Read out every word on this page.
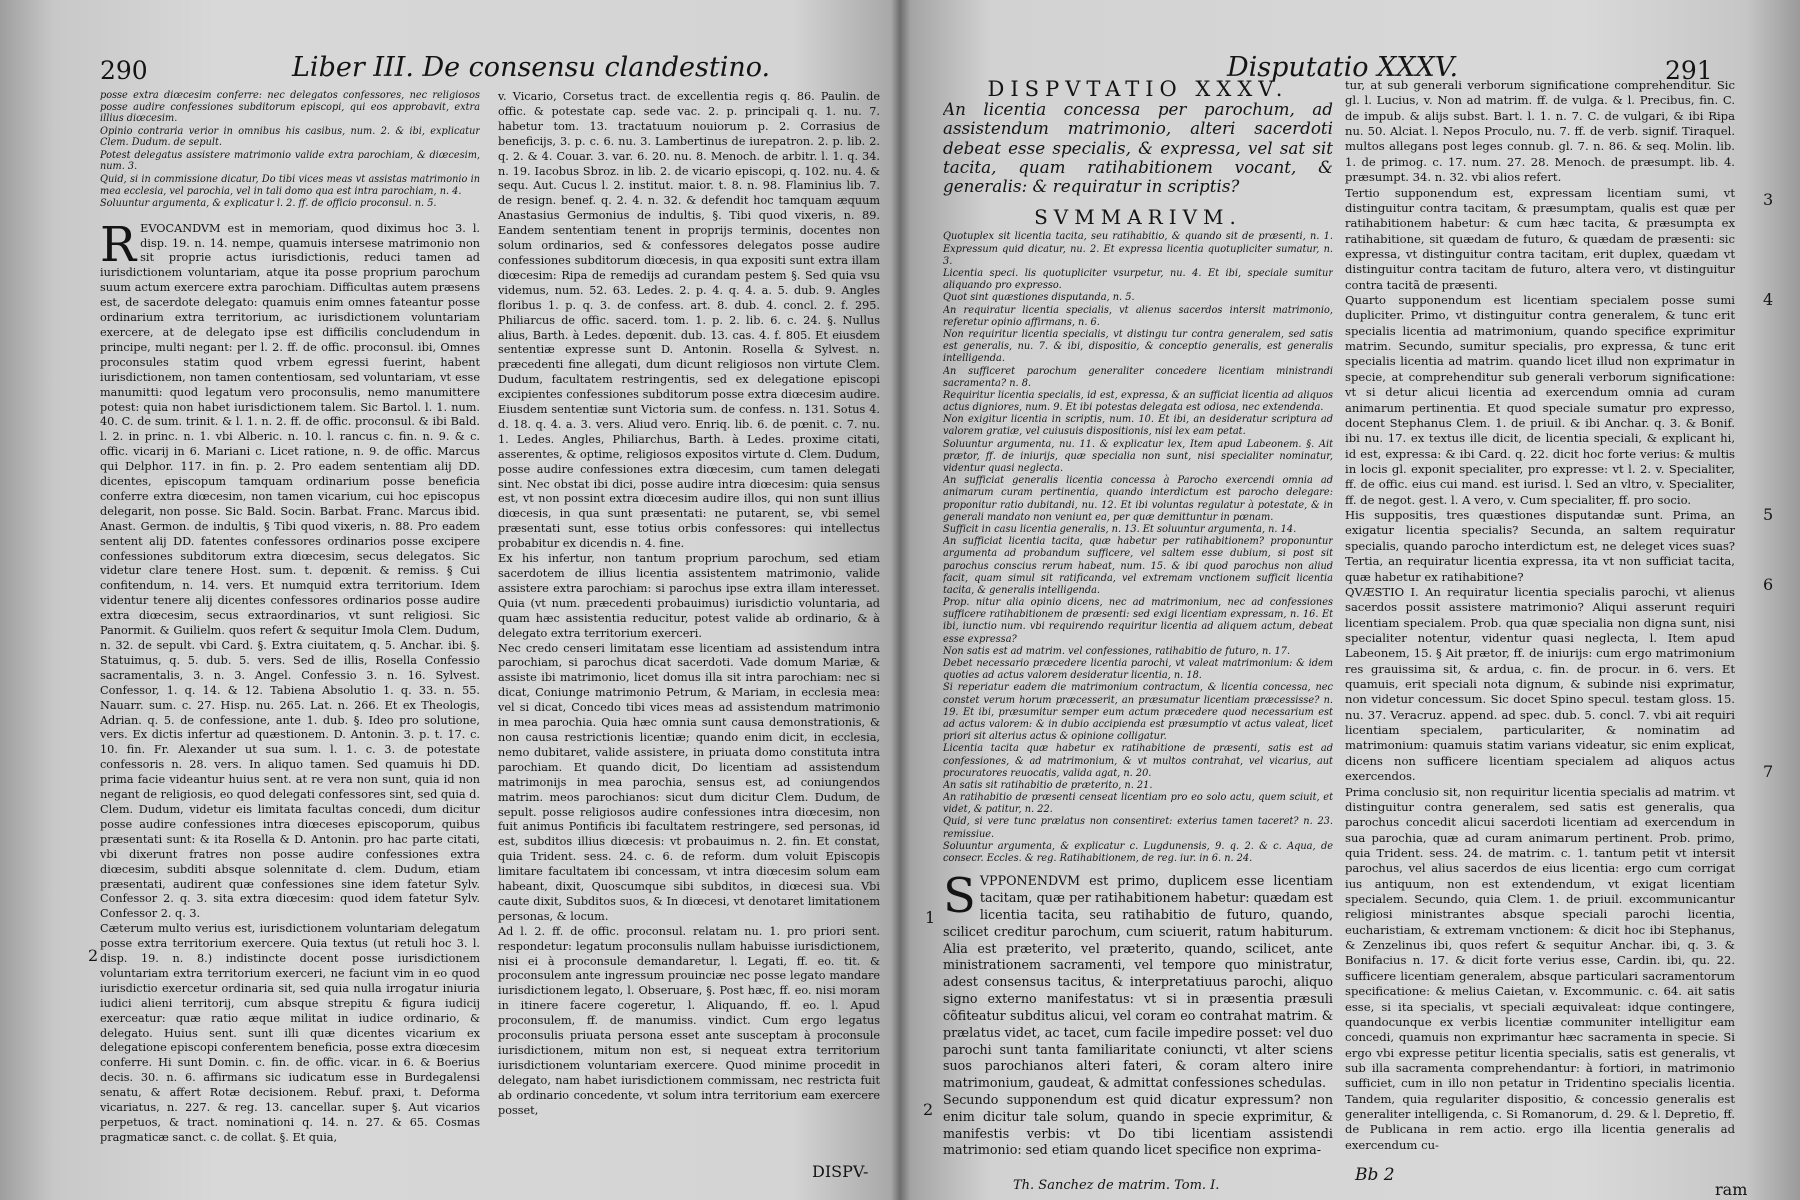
290	Liber III. De consensu clandestino.

posse extra diœcesim conferre: nec delegatos confessores, nec religiosos posse audire confessiones subditorum episcopi, qui eos approbavit, extra illius diœcesim.

Opinio contraria verior in omnibus his casibus, num. 2. & ibi, explicatur Clem. Dudum. de sepult.

Potest delegatus assistere matrimonio valide extra parochiam, & diœcesim, num. 3.

Quid, si in commissione dicatur, Do tibi vices meas vt assistas matrimonio in mea ecclesia, vel parochia, vel in tali domo qua est intra parochiam, n. 4.

Soluuntur argumenta, & explicatur l. 2. ff. de officio proconsul. n. 5.

REVOCANDVM est in memoriam, quod diximus hoc 3. l. disp. 19. n. 14. nempe, quamuis intersese matrimonio non sit proprie actus iurisdictionis, reduci tamen ad iurisdictionem voluntariam, atque ita posse proprium parochum suum actum exercere extra parochiam. Difficultas autem præsens est, de sacerdote delegato: quamuis enim omnes fateantur posse ordinarium extra territorium, ac iurisdictionem voluntariam exercere, at de delegato ipse est difficilis concludendum in principe, multi negant: per l. 2. ff. de offic. proconsul. ibi, Omnes proconsules statim quod vrbem egressi fuerint, habent iurisdictionem, non tamen contentiosam, sed voluntariam, vt esse manumitti: quod legatum vero proconsulis, nemo manumittere potest: quia non habet iurisdictionem talem. Sic Bartol. l. 1. num. 40. C. de sum. trinit. & l. 1. n. 2. ff. de offic. proconsul. & ibi Bald. l. 2. in princ. n. 1. vbi Alberic. n. 10. l. rancus c. fin. n. 9. & c. offic. vicarij in 6. Mariani c. Licet ratione, n. 9. de offic. Marcus qui Delphor. 117. in fin. p. 2. Pro eadem sententiam alij DD. dicentes, episcopum tamquam ordinarium posse beneficia conferre extra diœcesim, non tamen vicarium, cui hoc episcopus delegarit, non posse. Sic Bald. Socin. Barbat. Franc. Marcus ibid. Anast. Germon. de indultis, § Tibi quod vixeris, n. 88. Pro eadem sentent alij DD. fatentes confessores ordinarios posse excipere confessiones subditorum extra diœcesim, secus delegatos. Sic videtur clare tenere Host. sum. t. depœnit. & remiss. § Cui confitendum, n. 14. vers. Et numquid extra territorium. Idem videntur tenere alij dicentes confessores ordinarios posse audire extra diœcesim, secus extraordinarios, vt sunt religiosi. Sic Panormit. & Guilielm. quos refert & sequitur Imola Clem. Dudum, n. 32. de sepult. vbi Card. §. Extra ciuitatem, q. 5. Anchar. ibi. §. Statuimus, q. 5. dub. 5. vers. Sed de illis, Rosella Confessio sacramentalis, 3. n. 3. Angel. Confessio 3. n. 16. Sylvest. Confessor, 1. q. 14. & 12. Tabiena Absolutio 1. q. 33. n. 55. Nauarr. sum. c. 27. Hisp. nu. 265. Lat. n. 266. Et ex Theologis, Adrian. q. 5. de confessione, ante 1. dub. §. Ideo pro solutione, vers. Ex dictis infertur ad quæstionem. D. Antonin. 3. p. t. 17. c. 10. fin. Fr. Alexander ut sua sum. l. 1. c. 3. de potestate confessoris n. 28. vers. In aliquo tamen. Sed quamuis hi DD. prima facie videantur huius sent. at re vera non sunt, quia id non negant de religiosis, eo quod delegati confessores sint, sed quia d. Clem. Dudum, videtur eis limitata facultas concedi, dum dicitur posse audire confessiones intra diœceses episcoporum, quibus præsentati sunt: & ita Rosella & D. Antonin. pro hac parte citati, vbi dixerunt fratres non posse audire confessiones extra diœcesim, subditi absque solennitate d. clem. Dudum, etiam præsentati, audirent quæ confessiones sine idem fatetur Sylv. Confessor 2. q. 3. sita extra diœcesim: quod idem fatetur Sylv. Confessor 2. q. 3.

Cæterum multo verius est, iurisdictionem voluntariam delegatum posse extra territorium exercere. Quia textus (ut retuli hoc 3. l. disp. 19. n. 8.) indistincte docent posse iurisdictionem voluntariam extra territorium exerceri, ne faciunt vim in eo quod iurisdictio exercetur ordinaria sit, sed quia nulla irrogatur iniuria iudici alieni territorij, cum absque strepitu & figura iudicij exerceatur: quæ ratio æque militat in iudice ordinario, & delegato. Huius sent. sunt illi quæ dicentes vicarium ex delegatione episcopi conferentem beneficia, posse extra diœcesim conferre. Hi sunt Domin. c. fin. de offic. vicar. in 6. & Boerius decis. 30. n. 6. affirmans sic iudicatum esse in Burdegalensi senatu, & affert Rotæ decisionem. Rebuf. praxi, t. Deforma vicariatus, n. 227. & reg. 13. cancellar. super §. Aut vicarios perpetuos, & tract. nominationi q. 14. n. 27. & 65. Cosmas pragmaticæ sanct. c. de collat. §. Et quia,

v. Vicario, Corsetus tract. de excellentia regis q. 86. Paulin. de offic. & potestate cap. sede vac. 2. p. principali q. 1. nu. 7. habetur tom. 13. tractatuum nouiorum p. 2. Corrasius de beneficijs, 3. p. c. 6. nu. 3. Lambertinus de iurepatron. 2. p. lib. 2. q. 2. & 4. Couar. 3. var. 6. 20. nu. 8. Menoch. de arbitr. l. 1. q. 34. n. 19. Iacobus Sbroz. in lib. 2. de vicario episcopi, q. 102. nu. 4. & sequ. Aut. Cucus l. 2. institut. maior. t. 8. n. 98. Flaminius lib. 7. de resign. benef. q. 2. 4. n. 32. & defendit hoc tamquam æquum Anastasius Germonius de indultis, §. Tibi quod vixeris, n. 89. Eandem sententiam tenent in proprijs terminis, docentes non solum ordinarios, sed & confessores delegatos posse audire confessiones subditorum diœcesis, in qua expositi sunt extra illam diœcesim: Ripa de remedijs ad curandam pestem §. Sed quia vsu videmus, num. 52. 63. Ledes. 2. p. 4. q. 4. a. 5. dub. 9. Angles floribus 1. p. q. 3. de confess. art. 8. dub. 4. concl. 2. f. 295. Philiarcus de offic. sacerd. tom. 1. p. 2. lib. 6. c. 24. §. Nullus alius, Barth. à Ledes. depœnit. dub. 13. cas. 4. f. 805. Et eiusdem sententiæ expresse sunt D. Antonin. Rosella & Sylvest. n. præcedenti fine allegati, dum dicunt religiosos non virtute Clem. Dudum, facultatem restringentis, sed ex delegatione episcopi excipientes confessiones subditorum posse extra diœcesim audire. Eiusdem sententiæ sunt Victoria sum. de confess. n. 131. Sotus 4. d. 18. q. 4. a. 3. vers. Aliud vero. Enriq. lib. 6. de pœnit. c. 7. nu. 1. Ledes. Angles, Philiarchus, Barth. à Ledes. proxime citati, asserentes, & optime, religiosos expositos virtute d. Clem. Dudum, posse audire confessiones extra diœcesim, cum tamen delegati sint. Nec obstat ibi dici, posse audire intra diœcesim: quia sensus est, vt non possint extra diœcesim audire illos, qui non sunt illius diœcesis, in qua sunt præsentati: ne putarent, se, vbi semel præsentati sunt, esse totius orbis confessores: qui intellectus probabitur ex dicendis n. 4. fine.

Ex his infertur, non tantum proprium parochum, sed etiam sacerdotem de illius licentia assistentem matrimonio, valide assistere extra parochiam: si parochus ipse extra illam interesset. Quia (vt num. præcedenti probauimus) iurisdictio voluntaria, ad quam hæc assistentia reducitur, potest valide ab ordinario, & à delegato extra territorium exerceri.

Nec credo censeri limitatam esse licentiam ad assistendum intra parochiam, si parochus dicat sacerdoti. Vade domum Mariæ, & assiste ibi matrimonio, licet domus illa sit intra parochiam: nec si dicat, Coniunge matrimonio Petrum, & Mariam, in ecclesia mea: vel si dicat, Concedo tibi vices meas ad assistendum matrimonio in mea parochia. Quia hæc omnia sunt causa demonstrationis, & non causa restrictionis licentiæ; quando enim dicit, in ecclesia, nemo dubitaret, valide assistere, in priuata domo constituta intra parochiam. Et quando dicit, Do licentiam ad assistendum matrimonijs in mea parochia, sensus est, ad coniungendos matrim. meos parochianos: sicut dum dicitur Clem. Dudum, de sepult. posse religiosos audire confessiones intra diœcesim, non fuit animus Pontificis ibi facultatem restringere, sed personas, id est, subditos illius diœcesis: vt probauimus n. 2. fin. Et constat, quia Trident. sess. 24. c. 6. de reform. dum voluit Episcopis limitare facultatem ibi concessam, vt intra diœcesim solum eam habeant, dixit, Quoscumque sibi subditos, in diœcesi sua. Vbi caute dixit, Subditos suos, & In diœcesi, vt denotaret limitationem personas, & locum.

Ad l. 2. ff. de offic. proconsul. relatam nu. 1. pro priori sent. respondetur: legatum proconsulis nullam habuisse iurisdictionem, nisi ei à proconsule demandaretur, l. Legati, ff. eo. tit. & proconsulem ante ingressum prouinciæ nec posse legato mandare iurisdictionem legato, l. Obseruare, §. Post hæc, ff. eo. nisi moram in itinere facere cogeretur, l. Aliquando, ff. eo. l. Apud proconsulem, ff. de manumiss. vindict. Cum ergo legatus proconsulis priuata persona esset ante susceptam à proconsule iurisdictionem, mitum non est, si nequeat extra territorium iurisdictionem voluntariam exercere. Quod minime procedit in delegato, nam habet iurisdictionem commissam, nec restricta fuit ab ordinario concedente, vt solum intra territorium eam exercere posset,

2
DISPV-
Disputatio XXXV.	291
DISPVTATIO XXXV.

An licentia concessa per parochum, ad assistendum matrimonio, alteri sacerdoti debeat esse specialis, & expressa, vel sat sit tacita, quam ratihabitionem vocant, & generalis: & requiratur in scriptis?

SVMMARIVM.

Quotuplex sit licentia tacita, seu ratihabitio, & quando sit de præsenti, n. 1. Expressum quid dicatur, nu. 2. Et expressa licentia quotupliciter sumatur, n. 3.

Licentia speci. lis quotupliciter vsurpetur, nu. 4. Et ibi, speciale sumitur aliquando pro expresso.

Quot sint quæstiones disputanda, n. 5.

An requiratur licentia specialis, vt alienus sacerdos intersit matrimonio, referetur opinio affirmans, n. 6.

Non requiritur licentia specialis, vt distingu tur contra generalem, sed satis est generalis, nu. 7. & ibi, dispositio, & conceptio generalis, est generalis intelligenda.

An sufficeret parochum generaliter concedere licentiam ministrandi sacramenta? n. 8.

Requiritur licentia specialis, id est, expressa, & an sufficiat licentia ad aliquos actus digniores, num. 9. Et ibi potestas delegata est odiosa, nec extendenda.

Non exigitur licentia in scriptis, num. 10. Et ibi, an desideratur scriptura ad valorem gratiæ, vel cuiusuis dispositionis, nisi lex eam petat.

Soluuntur argumenta, nu. 11. & explicatur lex, Item apud Labeonem. §. Ait prætor, ff. de iniurijs, quæ specialia non sunt, nisi specialiter nominatur, videntur quasi neglecta.

An sufficiat generalis licentia concessa à Parocho exercendi omnia ad animarum curam pertinentia, quando interdictum est parocho delegare: proponitur ratio dubitandi, nu. 12. Et ibi voluntas regulatur à potestate, & in generali mandato non veniunt ea, per quæ demittuntur in pœnam.

Sufficit in casu licentia generalis, n. 13. Et soluuntur argumenta, n. 14.

An sufficiat licentia tacita, quæ habetur per ratihabitionem? proponuntur argumenta ad probandum sufficere, vel saltem esse dubium, si post sit parochus conscius rerum habeat, num. 15. & ibi quod parochus non aliud facit, quam simul sit ratificanda, vel extremam vnctionem sufficit licentia tacita, & generalis intelligenda.

Prop. nitur alia opinio dicens, nec ad matrimonium, nec ad confessiones sufficere ratihabitionem de præsenti: sed exigi licentiam expressam, n. 16. Et ibi, iunctio num. vbi requirendo requiritur licentia ad aliquem actum, debeat esse expressa?

Non satis est ad matrim. vel confessiones, ratihabitio de futuro, n. 17.

Debet necessario præcedere licentia parochi, vt valeat matrimonium: & idem quoties ad actus valorem desideratur licentia, n. 18.

Si reperiatur eadem die matrimonium contractum, & licentia concessa, nec constet verum horum præcesserit, an præsumatur licentiam præcessisse? n. 19. Et ibi, præsumitur semper eum actum præcedere quod necessarium est ad actus valorem: & in dubio accipienda est præsumptio vt actus valeat, licet priori sit alterius actus & opinione colligatur.

Licentia tacita quæ habetur ex ratihabitione de præsenti, satis est ad confessiones, & ad matrimonium, & vt multos contrahat, vel vicarius, aut procuratores reuocatis, valida agat, n. 20.

An satis sit ratihabitio de præterito, n. 21.

An ratihabitio de præsenti censeat licentiam pro eo solo actu, quem sciuit, et videt, & patitur, n. 22.

Quid, si vere tunc prælatus non consentiret: exterius tamen taceret? n. 23. remissiue.

Soluuntur argumenta, & explicatur c. Lugdunensis, 9. q. 2. & c. Aqua, de consecr. Eccles. & reg. Ratihabitionem, de reg. iur. in 6. n. 24.

SVPPONENDVM est primo, duplicem esse licentiam tacitam, quæ per ratihabitionem habetur: quædam est licentia tacita, seu ratihabitio de futuro, quando, scilicet creditur parochum, cum sciuerit, ratum habiturum. Alia est præterito, vel præterito, quando, scilicet, ante ministrationem sacramenti, vel tempore quo ministratur, adest consensus tacitus, & interpretatiuus parochi, aliquo signo externo manifestatus: vt si in præsentia præsuli cõfiteatur subditus alicui, vel coram eo contrahat matrim. & prælatus videt, ac tacet, cum facile impedire posset: vel duo parochi sunt tanta familiaritate coniuncti, vt alter sciens suos parochianos alteri fateri, & coram altero inire matrimonium, gaudeat, & admittat confessiones schedulas.

Secundo supponendum est quid dicatur expressum? non enim dicitur tale solum, quando in specie exprimitur, & manifestis verbis: vt Do tibi licentiam assistendi matrimonio: sed etiam quando licet specifice non exprima-

tur, at sub generali verborum significatione comprehenditur. Sic gl. l. Lucius, v. Non ad matrim. ff. de vulga. & l. Precibus, fin. C. de impub. & alijs subst. Bart. l. 1. n. 7. C. de vulgari, & ibi Ripa nu. 50. Alciat. l. Nepos Proculo, nu. 7. ff. de verb. signif. Tiraquel. multos allegans post leges connub. gl. 7. n. 86. & seq. Molin. lib. 1. de primog. c. 17. num. 27. 28. Menoch. de præsumpt. lib. 4. præsumpt. 34. n. 32. vbi alios refert.

Tertio supponendum est, expressam licentiam sumi, vt distinguitur contra tacitam, & præsumptam, qualis est quæ per ratihabitionem habetur: & cum hæc tacita, & præsumpta ex ratihabitione, sit quædam de futuro, & quædam de præsenti: sic expressa, vt distinguitur contra tacitam, erit duplex, quædam vt distinguitur contra tacitam de futuro, altera vero, vt distinguitur contra tacitã de præsenti.

Quarto supponendum est licentiam specialem posse sumi dupliciter. Primo, vt distinguitur contra generalem, & tunc erit specialis licentia ad matrimonium, quando specifice exprimitur matrim. Secundo, sumitur specialis, pro expressa, & tunc erit specialis licentia ad matrim. quando licet illud non exprimatur in specie, at comprehenditur sub generali verborum significatione: vt si detur alicui licentia ad exercendum omnia ad curam animarum pertinentia. Et quod speciale sumatur pro expresso, docent Stephanus Clem. 1. de priuil. & ibi Anchar. q. 3. & Bonif. ibi nu. 17. ex textus ille dicit, de licentia speciali, & explicant hi, id est, expressa: & ibi Card. q. 22. dicit hoc forte verius: & multis in locis gl. exponit specialiter, pro expresse: vt l. 2. v. Specialiter, ff. de offic. eius cui mand. est iurisd. l. Sed an vltro, v. Specialiter, ff. de negot. gest. l. A vero, v. Cum specialiter, ff. pro socio.

His suppositis, tres quæstiones disputandæ sunt. Prima, an exigatur licentia specialis? Secunda, an saltem requiratur specialis, quando parocho interdictum est, ne deleget vices suas? Tertia, an requiratur licentia expressa, ita vt non sufficiat tacita, quæ habetur ex ratihabitione?

QVÆSTIO I. An requiratur licentia specialis parochi, vt alienus sacerdos possit assistere matrimonio? Aliqui asserunt requiri licentiam specialem. Prob. qua quæ specialia non digna sunt, nisi specialiter notentur, videntur quasi neglecta, l. Item apud Labeonem, 15. § Ait prætor, ff. de iniurijs: cum ergo matrimonium res grauissima sit, & ardua, c. fin. de procur. in 6. vers. Et quamuis, erit speciali nota dignum, & subinde nisi exprimatur, non videtur concessum. Sic docet Spino specul. testam gloss. 15. nu. 37. Veracruz. append. ad spec. dub. 5. concl. 7. vbi ait requiri licentiam specialem, particulariter, & nominatim ad matrimonium: quamuis statim varians videatur, sic enim explicat, dicens non sufficere licentiam specialem ad aliquos actus exercendos.

Prima conclusio sit, non requiritur licentia specialis ad matrim. vt distinguitur contra generalem, sed satis est generalis, qua parochus concedit alicui sacerdoti licentiam ad exercendum in sua parochia, quæ ad curam animarum pertinent. Prob. primo, quia Trident. sess. 24. de matrim. c. 1. tantum petit vt intersit parochus, vel alius sacerdos de eius licentia: ergo cum corrigat ius antiquum, non est extendendum, vt exigat licentiam specialem. Secundo, quia Clem. 1. de priuil. excommunicantur religiosi ministrantes absque speciali parochi licentia, eucharistiam, & extremam vnctionem: & dicit hoc ibi Stephanus, & Zenzelinus ibi, quos refert & sequitur Anchar. ibi, q. 3. & Bonifacius n. 17. & dicit forte verius esse, Cardin. ibi, qu. 22. sufficere licentiam generalem, absque particulari sacramentorum specificatione: & melius Caietan, v. Excommunic. c. 64. ait satis esse, si ita specialis, vt speciali æquivaleat: idque contingere, quandocunque ex verbis licentiæ communiter intelligitur eam concedi, quamuis non exprimantur hæc sacramenta in specie. Si ergo vbi expresse petitur licentia specialis, satis est generalis, vt sub illa sacramenta comprehendantur: à fortiori, in matrimonio sufficiet, cum in illo non petatur in Tridentino specialis licentia. Tandem, quia regulariter dispositio, & concessio generalis est generaliter intelligenda, c. Si Romanorum, d. 29. & l. Depretio, ff. de Publicana in rem actio. ergo illa licentia generalis ad exercendum cu-

Th. Sanchez de matrim. Tom. I.
Bb 2
ram
1
2
3
4
5
6
7
